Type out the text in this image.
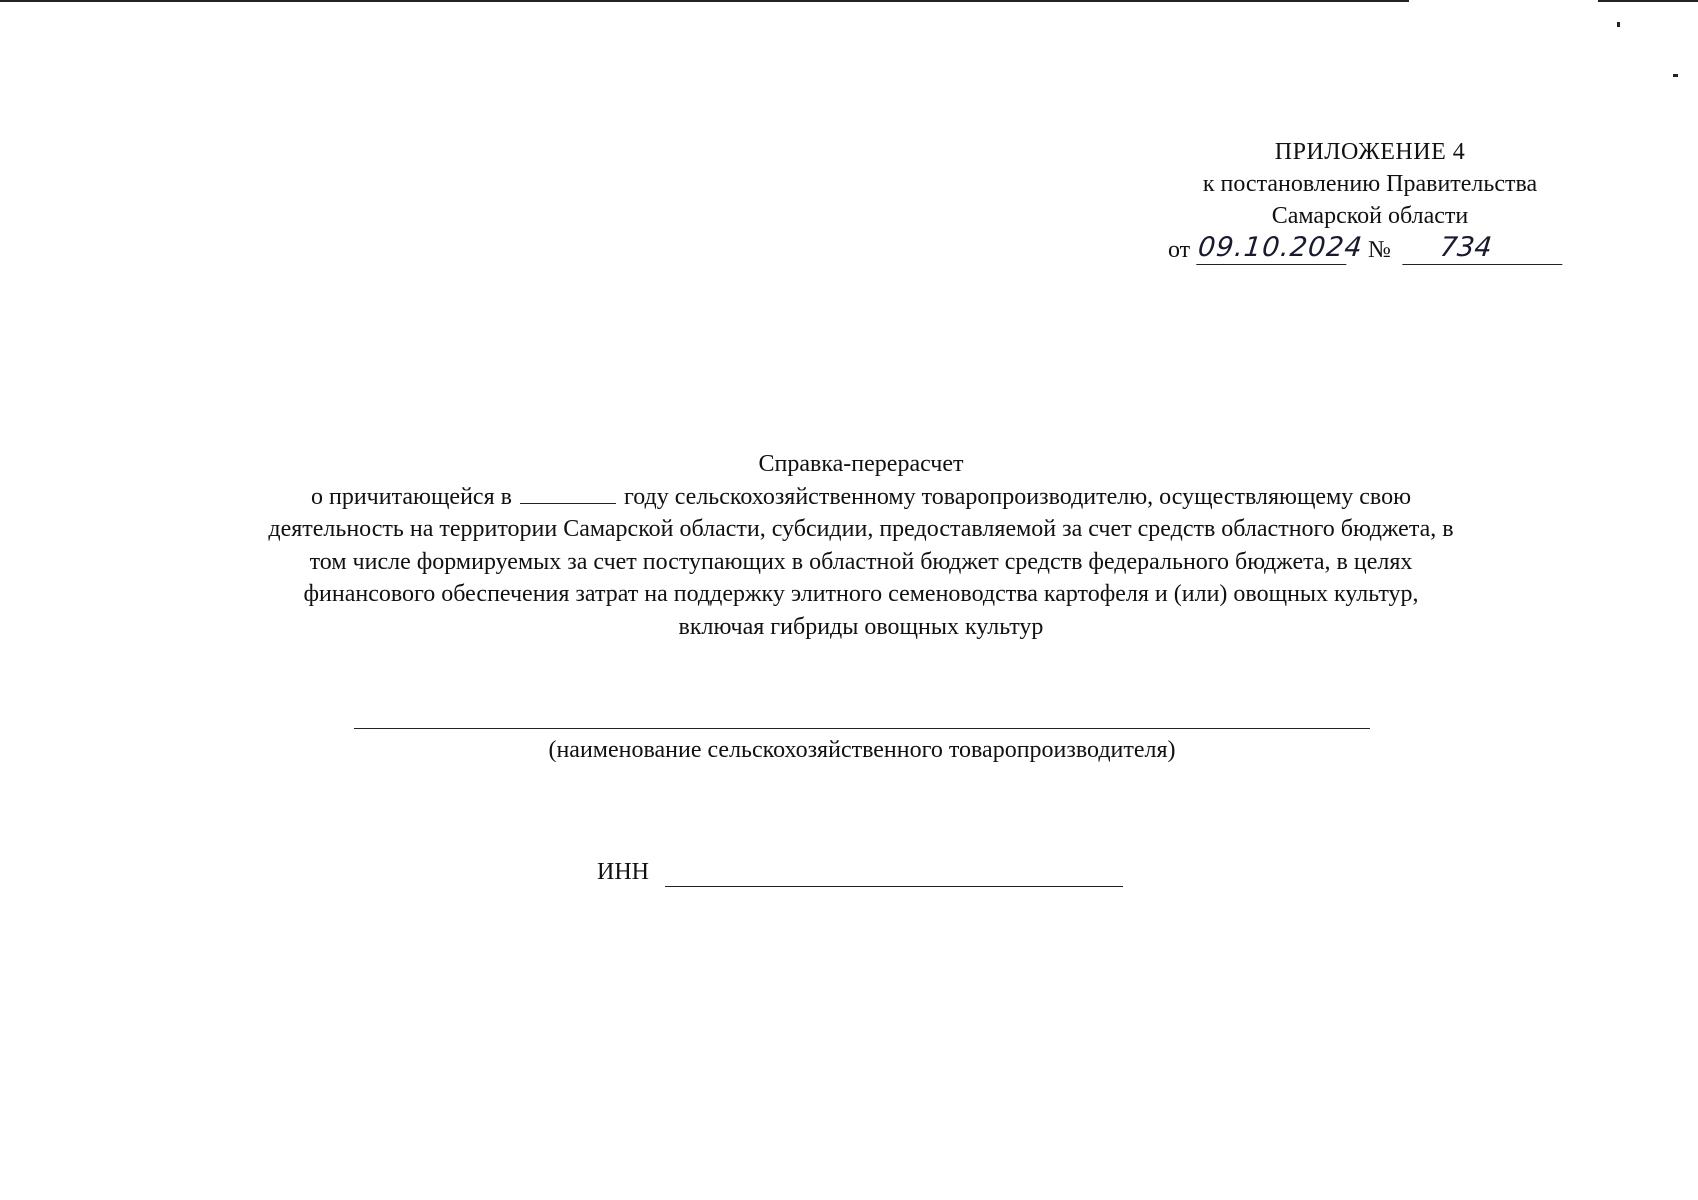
ПРИЛОЖЕНИЕ 4
к постановлению Правительства
Самарской области
от 09.10.2024 №	734

Справка-перерасчет

о причитающейся в	году сельскохозяйственному товаропроизводителю, осуществляющему свою

деятельность на территории Самарской области, субсидии, предоставляемой за счет средств областного бюджета, в

том числе формируемых за счет поступающих в областной бюджет средств федерального бюджета, в целях

финансового обеспечения затрат на поддержку элитного семеноводства картофеля и (или) овощных культур,

включая гибриды овощных культур

(наименование сельскохозяйственного товаропроизводителя)
ИНН
